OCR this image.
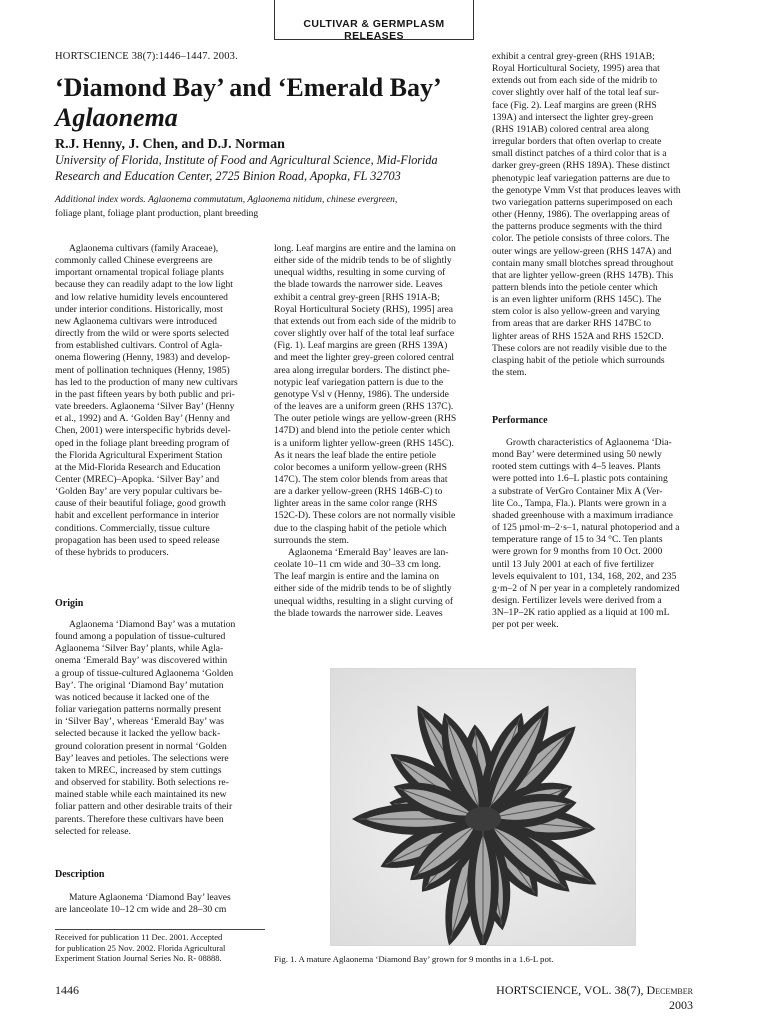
CULTIVAR & GERMPLASM RELEASES
HORTSCIENCE 38(7):1446–1447. 2003.
‘Diamond Bay’ and ‘Emerald Bay’
Aglaonema
R.J. Henny, J. Chen, and D.J. Norman
University of Florida, Institute of Food and Agricultural Science, Mid-Florida
Research and Education Center, 2725 Binion Road, Apopka, FL 32703
Additional index words. Aglaonema commutatum, Aglaonema nitidum, chinese evergreen,
foliage plant, foliage plant production, plant breeding
Aglaonema cultivars (family Araceae),
commonly called Chinese evergreens are
important ornamental tropical foliage plants
because they can readily adapt to the low light
and low relative humidity levels encountered
under interior conditions. Historically, most
new Aglaonema cultivars were introduced
directly from the wild or were sports selected
from established cultivars. Control of Agla-
onema flowering (Henny, 1983) and develop-
ment of pollination techniques (Henny, 1985)
has led to the production of many new cultivars
in the past fifteen years by both public and pri-
vate breeders. Aglaonema ‘Silver Bay’ (Henny
et al., 1992) and A. ‘Golden Bay’ (Henny and
Chen, 2001) were interspecific hybrids devel-
oped in the foliage plant breeding program of
the Florida Agricultural Experiment Station
at the Mid-Florida Research and Education
Center (MREC)–Apopka. ‘Silver Bay’ and
‘Golden Bay’ are very popular cultivars be-
cause of their beautiful foliage, good growth
habit and excellent performance in interior
conditions. Commercially, tissue culture
propagation has been used to speed release
of these hybrids to producers.
Origin
Aglaonema ‘Diamond Bay’ was a mutation
found among a population of tissue-cultured
Aglaonema ‘Silver Bay’ plants, while Agla-
onema ‘Emerald Bay’ was discovered within
a group of tissue-cultured Aglaonema ‘Golden
Bay’. The original ‘Diamond Bay’ mutation
was noticed because it lacked one of the
foliar variegation patterns normally present
in ‘Silver Bay’, whereas ‘Emerald Bay’ was
selected because it lacked the yellow back-
ground coloration present in normal ‘Golden
Bay’ leaves and petioles. The selections were
taken to MREC, increased by stem cuttings
and observed for stability. Both selections re-
mained stable while each maintained its new
foliar pattern and other desirable traits of their
parents. Therefore these cultivars have been
selected for release.
Description
Mature Aglaonema ‘Diamond Bay’ leaves
are lanceolate 10–12 cm wide and 28–30 cm
Received for publication 11 Dec. 2001. Accepted
for publication 25 Nov. 2002. Florida Agricultural
Experiment Station Journal Series No. R- 08888.
long. Leaf margins are entire and the lamina on
either side of the midrib tends to be of slightly
unequal widths, resulting in some curving of
the blade towards the narrower side. Leaves
exhibit a central grey-green [RHS 191A-B;
Royal Horticultural Society (RHS), 1995] area
that extends out from each side of the midrib to
cover slightly over half of the total leaf surface
(Fig. 1). Leaf margins are green (RHS 139A)
and meet the lighter grey-green colored central
area along irregular borders. The distinct phe-
notypic leaf variegation pattern is due to the
genotype Vsl v (Henny, 1986). The underside
of the leaves are a uniform green (RHS 137C).
The outer petiole wings are yellow-green (RHS
147D) and blend into the petiole center which
is a uniform lighter yellow-green (RHS 145C).
As it nears the leaf blade the entire petiole
color becomes a uniform yellow-green (RHS
147C). The stem color blends from areas that
are a darker yellow-green (RHS 146B-C) to
lighter areas in the same color range (RHS
152C-D). These colors are not normally visible
due to the clasping habit of the petiole which
surrounds the stem.
Aglaonema ‘Emerald Bay’ leaves are lan-
ceolate 10–11 cm wide and 30–33 cm long.
The leaf margin is entire and the lamina on
either side of the midrib tends to be of slightly
unequal widths, resulting in a slight curving of
the blade towards the narrower side. Leaves
exhibit a central grey-green (RHS 191AB;
Royal Horticultural Society, 1995) area that
extends out from each side of the midrib to
cover slightly over half of the total leaf sur-
face (Fig. 2). Leaf margins are green (RHS
139A) and intersect the lighter grey-green
(RHS 191AB) colored central area along
irregular borders that often overlap to create
small distinct patches of a third color that is a
darker grey-green (RHS 189A). These distinct
phenotypic leaf variegation patterns are due to
the genotype Vmm Vst that produces leaves with
two variegation patterns superimposed on each
other (Henny, 1986). The overlapping areas of
the patterns produce segments with the third
color. The petiole consists of three colors. The
outer wings are yellow-green (RHS 147A) and
contain many small blotches spread throughout
that are lighter yellow-green (RHS 147B). This
pattern blends into the petiole center which
is an even lighter uniform (RHS 145C). The
stem color is also yellow-green and varying
from areas that are darker RHS 147BC to
lighter areas of RHS 152A and RHS 152CD.
These colors are not readily visible due to the
clasping habit of the petiole which surrounds
the stem.
Performance
Growth characteristics of Aglaonema ‘Dia-
mond Bay’ were determined using 50 newly
rooted stem cuttings with 4–5 leaves. Plants
were potted into 1.6–L plastic pots containing
a substrate of VerGro Container Mix A (Ver-
lite Co., Tampa, Fla.). Plants were grown in a
shaded greenhouse with a maximum irradiance
of 125 µmol·m–2·s–1, natural photoperiod and a
temperature range of 15 to 34 °C. Ten plants
were grown for 9 months from 10 Oct. 2000
until 13 July 2001 at each of five fertilizer
levels equivalent to 101, 134, 168, 202, and 235
g·m–2 of N per year in a completely randomized
design. Fertilizer levels were derived from a
3N–1P–2K ratio applied as a liquid at 100 mL
per pot per week.
Fig. 1. A mature Aglaonema ‘Diamond Bay’ grown for 9 months in a 1.6-L pot.
1446	HORTSCIENCE, VOL. 38(7), December 2003
